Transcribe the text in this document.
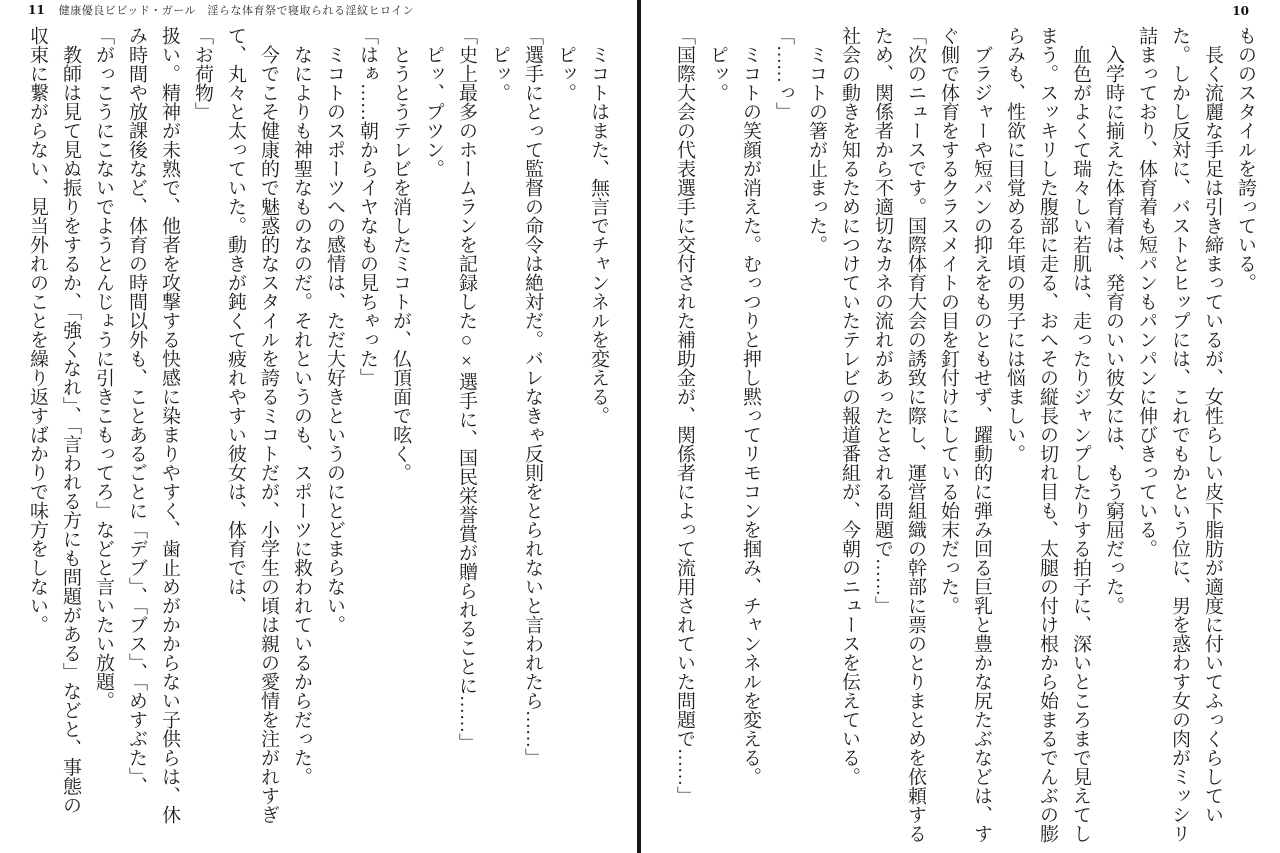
11 健康優良ビビッド・ガール　淫らな体育祭で寝取られる淫紋ヒロイン	10

　ミコトはまた、無言でチャンネルを変える。

　ピッ。

「選手にとって監督の命令は絶対だ。バレなきゃ反則をとられないと言われたら……」

　ピッ。

「史上最多のホームランを記録した○×選手に、国民栄誉賞が贈られることに……」

　ピッ、プツン。

　とうとうテレビを消したミコトが、仏頂面で呟く。

「はぁ……朝からイヤなもの見ちゃった」

　ミコトのスポーツへの感情は、ただ大好きというのにとどまらない。

　なによりも神聖なものなのだ。それというのも、スポーツに救われているからだった。

　今でこそ健康的で魅惑的なスタイルを誇るミコトだが、小学生の頃は親の愛情を注がれすぎ

て、丸々と太っていた。動きが鈍くて疲れやすい彼女は、体育では、

「お荷物」

扱い。精神が未熟で、他者を攻撃する快感に染まりやすく、歯止めがかからない子供らは、休

み時間や放課後など、体育の時間以外も、ことあるごとに「デブ」、「ブス」、「めすぶた」、

「がっこうにこないでようとんじょうに引きこもってろ」などと言いたい放題。

　教師は見て見ぬ振りをするか、「強くなれ」、「言われる方にも問題がある」などと、事態の

収束に繋がらない、見当外れのことを繰り返すばかりで味方をしない。	もののスタイルを誇っている。

　長く流麗な手足は引き締まっているが、女性らしい皮下脂肪が適度に付いてふっくらしてい

た。しかし反対に、バストとヒップには、これでもかという位に、男を惑わす女の肉がミッシリ

詰まっており、体育着も短パンもパンパンに伸びきっている。

　入学時に揃えた体育着は、発育のいい彼女には、もう窮屈だった。

　血色がよくて瑞々しい若肌は、走ったりジャンプしたりする拍子に、深いところまで見えてし

まう。スッキリした腹部に走る、おへその縦長の切れ目も、太腿の付け根から始まるでんぶの膨

らみも、性欲に目覚める年頃の男子には悩ましい。

　ブラジャーや短パンの抑えをものともせず、躍動的に弾み回る巨乳と豊かな尻たぶなどは、す

ぐ側で体育をするクラスメイトの目を釘付けにしている始末だった。

「次のニュースです。国際体育大会の誘致に際し、運営組織の幹部に票のとりまとめを依頼する

ため、関係者から不適切なカネの流れがあったとされる問題で……」

社会の動きを知るためにつけていたテレビの報道番組が、今朝のニュースを伝えている。

　ミコトの箸が止まった。

「……っ」

　ミコトの笑顔が消えた。むっつりと押し黙ってリモコンを掴み、チャンネルを変える。

　ピッ。

「国際大会の代表選手に交付された補助金が、関係者によって流用されていた問題で……」
